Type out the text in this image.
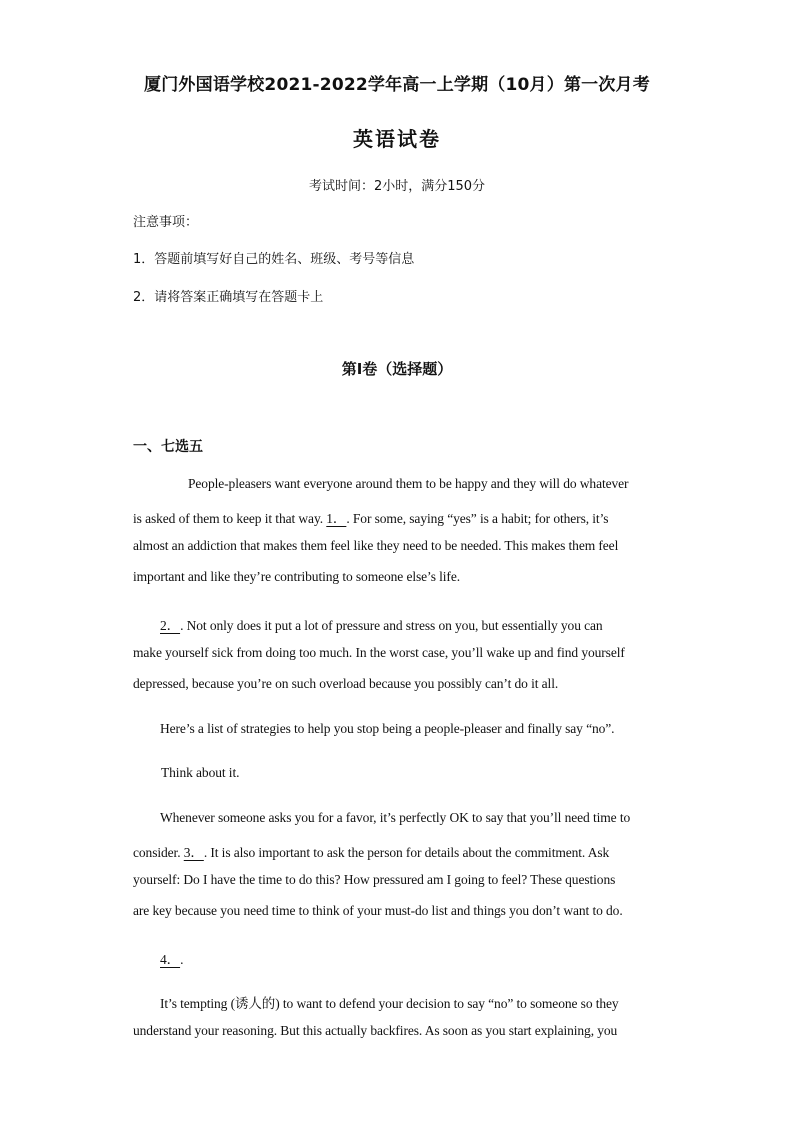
厦门外国语学校2021-2022学年高一上学期（10月）第一次月考
英语试卷
考试时间：2小时，满分150分
注意事项：
1．答题前填写好自己的姓名、班级、考号等信息
2．请将答案正确填写在答题卡上
第I卷（选择题）
一、七选五
People-pleasers want everyone around them to be happy and they will do whatever
is asked of them to keep it that way. 1．. For some, saying “yes” is a habit; for others, it’s
almost an addiction that makes them feel like they need to be needed. This makes them feel
important and like they’re contributing to someone else’s life.
2．. Not only does it put a lot of pressure and stress on you, but essentially you can
make yourself sick from doing too much. In the worst case, you’ll wake up and find yourself
depressed, because you’re on such overload because you possibly can’t do it all.
Here’s a list of strategies to help you stop being a people-pleaser and finally say “no”.
Think about it.
Whenever someone asks you for a favor, it’s perfectly OK to say that you’ll need time to
consider. 3．. It is also important to ask the person for details about the commitment. Ask
yourself: Do I have the time to do this? How pressured am I going to feel? These questions
are key because you need time to think of your must-do list and things you don’t want to do.
4．.
It’s tempting (诱人的) to want to defend your decision to say “no” to someone so they
understand your reasoning. But this actually backfires. As soon as you start explaining, you
